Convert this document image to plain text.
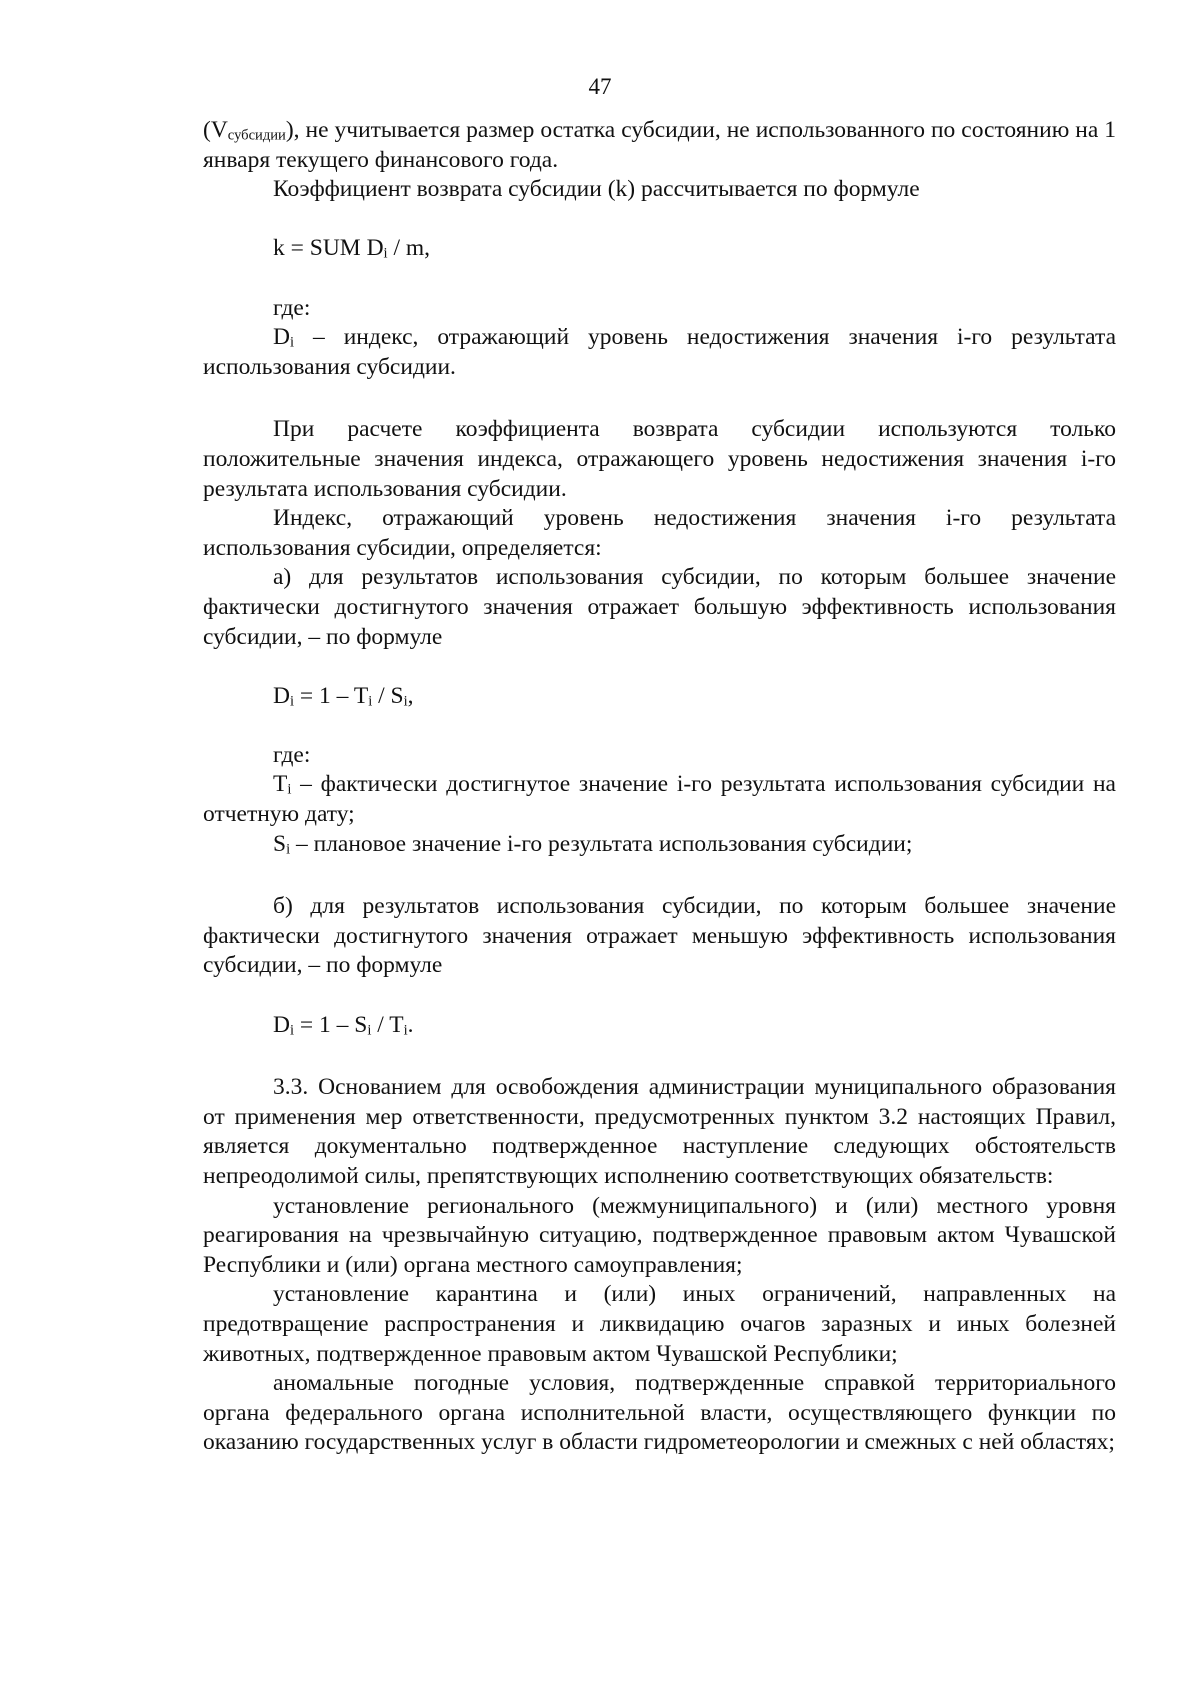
47

$(V_{субсидии})$, не учитывается размер остатка субсидии, не использованного по состоянию на 1 января текущего финансового года.

Коэффициент возврата субсидии (k) рассчитывается по формуле

k = SUM $D_i$ / m,

где:

$D_i$ – индекс, отражающий уровень недостижения значения i-го результата использования субсидии.

При расчете коэффициента возврата субсидии используются только положительные значения индекса, отражающего уровень недостижения значения i-го результата использования субсидии.

Индекс, отражающий уровень недостижения значения i-го результата использования субсидии, определяется:

а) для результатов использования субсидии, по которым большее значение фактически достигнутого значения отражает большую эффективность использования субсидии, – по формуле

$D_i = 1 - T_i / S_i$,

где:

$T_i$ – фактически достигнутое значение i-го результата использования субсидии на отчетную дату;

$S_i$ – плановое значение i-го результата использования субсидии;

б) для результатов использования субсидии, по которым большее значение фактически достигнутого значения отражает меньшую эффективность использования субсидии, – по формуле

$D_i = 1 - S_i / T_i$.

3.3. Основанием для освобождения администрации муниципального образования от применения мер ответственности, предусмотренных пунктом 3.2 настоящих Правил, является документально подтвержденное наступление следующих обстоятельств непреодолимой силы, препятствующих исполнению соответствующих обязательств:

установление регионального (межмуниципального) и (или) местного уровня реагирования на чрезвычайную ситуацию, подтвержденное правовым актом Чувашской Республики и (или) органа местного самоуправления;

установление карантина и (или) иных ограничений, направленных на предотвращение распространения и ликвидацию очагов заразных и иных болезней животных, подтвержденное правовым актом Чувашской Республики;

аномальные погодные условия, подтвержденные справкой территориального органа федерального органа исполнительной власти, осуществляющего функции по оказанию государственных услуг в области гидрометеорологии и смежных с ней областях;
